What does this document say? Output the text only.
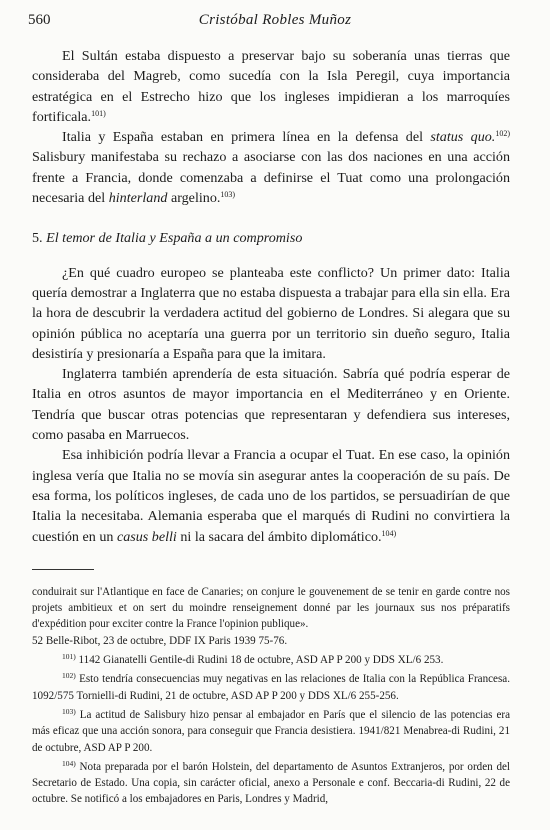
560	Cristóbal Robles Muñoz

El Sultán estaba dispuesto a preservar bajo su soberanía unas tierras que consideraba del Magreb, como sucedía con la Isla Peregil, cuya importancia estratégica en el Estrecho hizo que los ingleses impidieran a los marroquíes fortificala.$^{101)}$

Italia y España estaban en primera línea en la defensa del status quo.$^{102)}$ Salisbury manifestaba su rechazo a asociarse con las dos naciones en una acción frente a Francia, donde comenzaba a definirse el Tuat como una prolongación necesaria del hinterland argelino.$^{103)}$

5. El temor de Italia y España a un compromiso

¿En qué cuadro europeo se planteaba este conflicto? Un primer dato: Italia quería demostrar a Inglaterra que no estaba dispuesta a trabajar para ella sin ella. Era la hora de descubrir la verdadera actitud del gobierno de Londres. Si alegara que su opinión pública no aceptaría una guerra por un territorio sin dueño seguro, Italia desistiría y presionaría a España para que la imitara.

Inglaterra también aprendería de esta situación. Sabría qué podría esperar de Italia en otros asuntos de mayor importancia en el Mediterráneo y en Oriente. Tendría que buscar otras potencias que representaran y defendiera sus intereses, como pasaba en Marruecos.

Esa inhibición podría llevar a Francia a ocupar el Tuat. En ese caso, la opinión inglesa vería que Italia no se movía sin asegurar antes la cooperación de su país. De esa forma, los políticos ingleses, de cada uno de los partidos, se persuadirían de que Italia la necesitaba. Alemania esperaba que el marqués di Rudini no convirtiera la cuestión en un casus belli ni la sacara del ámbito diplomático.$^{104)}$

conduirait sur l'Atlantique en face de Canaries; on conjure le gouvenement de se tenir en garde contre nos projets ambitieux et on sert du moindre renseignement donné par les journaux sus nos préparatifs d'expédition pour exciter contre la France l'opinion publique».

52 Belle-Ribot, 23 de octubre, DDF IX Paris 1939 75-76.

$^{101)}$ 1142 Gianatelli Gentile-di Rudini 18 de octubre, ASD AP P 200 y DDS XL/6 253.

$^{102)}$ Esto tendría consecuencias muy negativas en las relaciones de Italia con la República Francesa. 1092/575 Tornielli-di Rudini, 21 de octubre, ASD AP P 200 y DDS XL/6 255-256.

$^{103)}$ La actitud de Salisbury hizo pensar al embajador en París que el silencio de las potencias era más eficaz que una acción sonora, para conseguir que Francia desistiera. 1941/821 Menabrea-di Rudini, 21 de octubre, ASD AP P 200.

$^{104)}$ Nota preparada por el barón Holstein, del departamento de Asuntos Extranjeros, por orden del Secretario de Estado. Una copia, sin carácter oficial, anexo a Personale e conf. Beccaria-di Rudini, 22 de octubre. Se notificó a los embajadores en Paris, Londres y Madrid,
